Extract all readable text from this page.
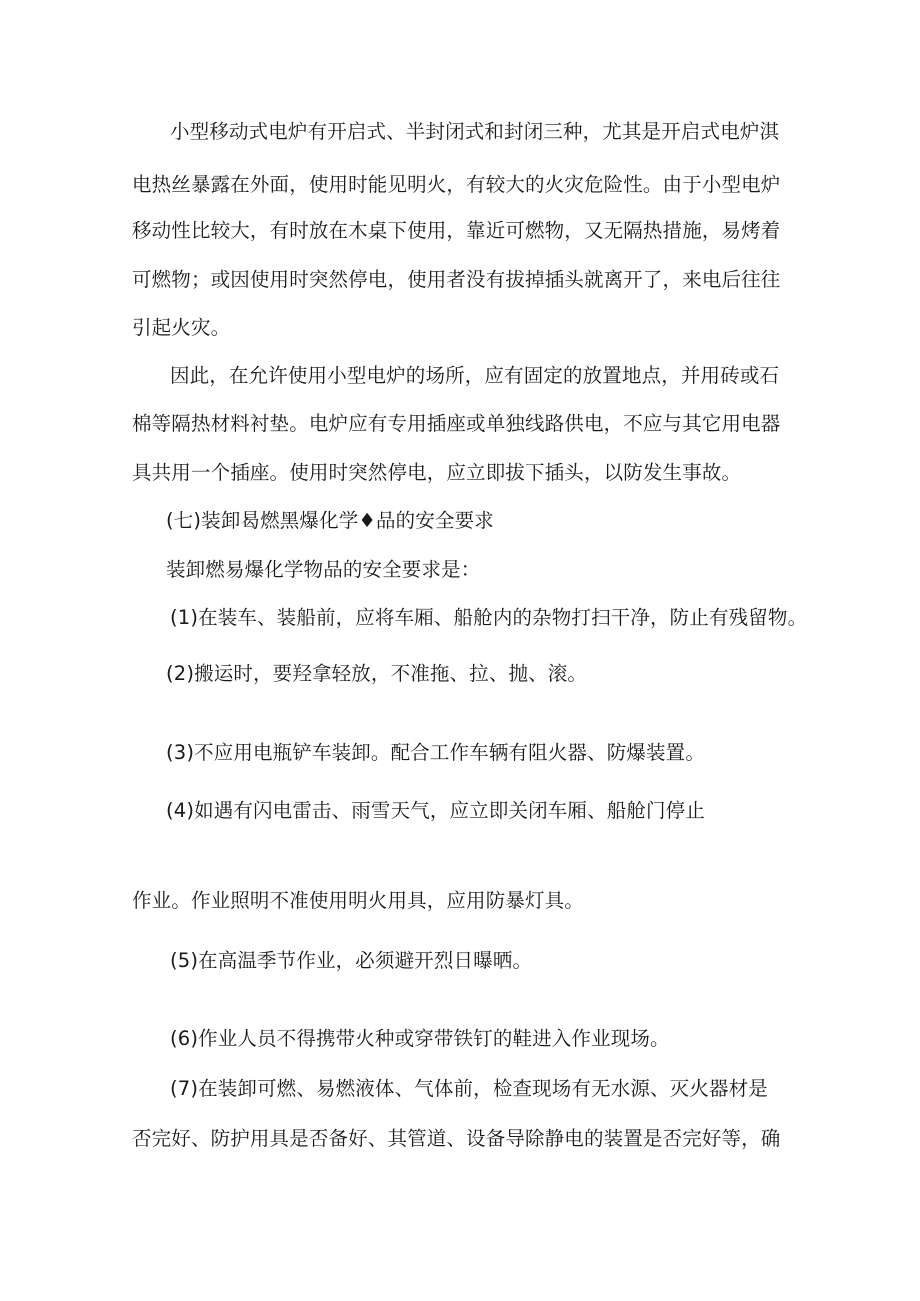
小型移动式电炉有开启式、半封闭式和封闭三种，尤其是开启式电炉淇
电热丝暴露在外面，使用时能见明火，有较大的火灾危险性。由于小型电炉
移动性比较大，有时放在木桌下使用，靠近可燃物，又无隔热措施，易烤着
可燃物；或因使用时突然停电，使用者没有拔掉插头就离开了，来电后往往
引起火灾。
因此，在允许使用小型电炉的场所，应有固定的放置地点，并用砖或石
棉等隔热材料衬垫。电炉应有专用插座或单独线路供电，不应与其它用电器
具共用一个插座。使用时突然停电，应立即拔下插头，以防发生事故。
(七)装卸曷燃黑爆化学♦品的安全要求
装卸燃易爆化学物品的安全要求是：
(1)在装车、装船前，应将车厢、船舱内的杂物打扫干净，防止有残留物。
(2)搬运时，要羟拿轻放，不准拖、拉、抛、滚。
(3)不应用电瓶铲车装卸。配合工作车辆有阻火器、防爆装置。
(4)如遇有闪电雷击、雨雪天气，应立即关闭车厢、船舱门停止
作业。作业照明不准使用明火用具，应用防暴灯具。
(5)在高温季节作业，必须避开烈日曝晒。
(6)作业人员不得携带火种或穿带铁钉的鞋进入作业现场。
(7)在装卸可燃、易燃液体、气体前，检查现场有无水源、灭火器材是
否完好、防护用具是否备好、其管道、设备导除静电的装置是否完好等，确
